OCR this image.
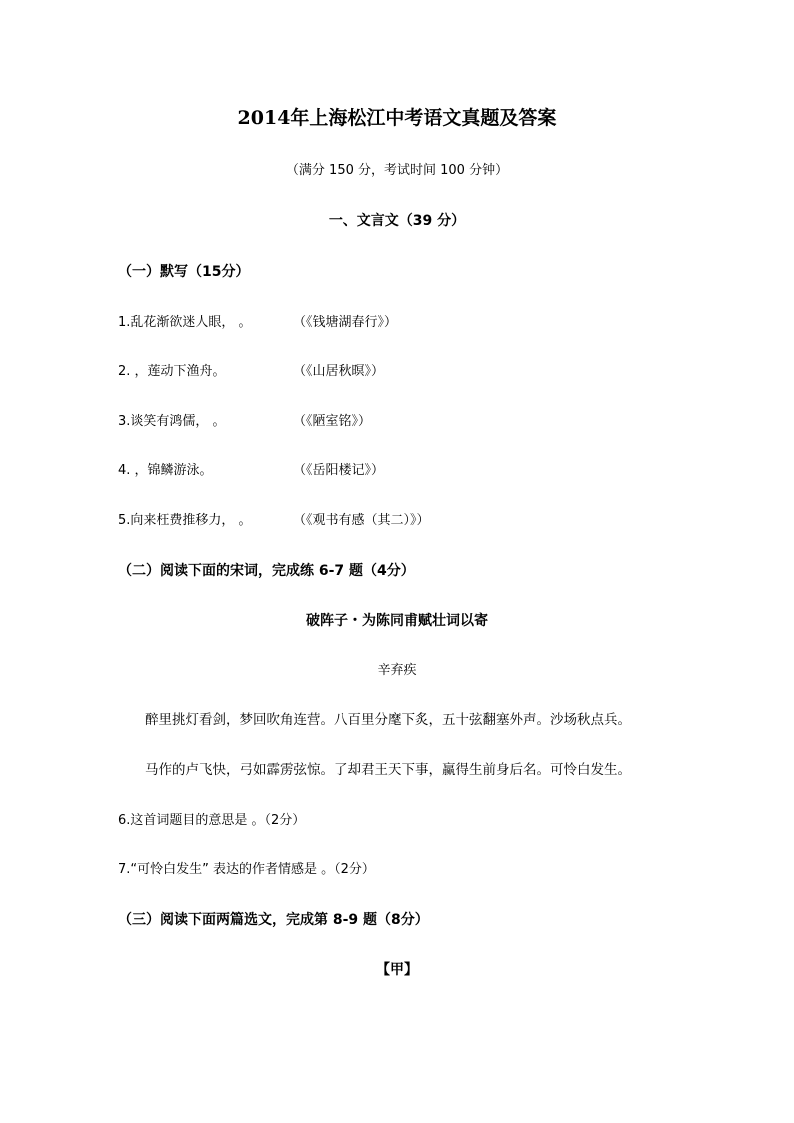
2014年上海松江中考语文真题及答案
（满分 150 分，考试时间 100 分钟）
一、文言文（39 分）
（一）默写（15分）
1.乱花渐欲迷人眼， 。	（《钱塘湖春行》）
2. ，莲动下渔舟。	（《山居秋暝》）
3.谈笑有鸿儒， 。	（《陋室铭》）
4. ，锦鳞游泳。	（《岳阳楼记》）
5.向来枉费推移力， 。	（《观书有感（其二）》）
（二）阅读下面的宋词，完成练 6-7 题（4分）
破阵子・为陈同甫赋壮词以寄
辛弃疾
醉里挑灯看剑，梦回吹角连营。八百里分麾下炙，五十弦翻塞外声。沙场秋点兵。
马作的卢飞快，弓如霹雳弦惊。了却君王天下事，赢得生前身后名。可怜白发生。
6.这首词题目的意思是 。（2分）
7.“可怜白发生” 表达的作者情感是 。（2分）
（三）阅读下面两篇选文，完成第 8-9 题（8分）
【甲】
